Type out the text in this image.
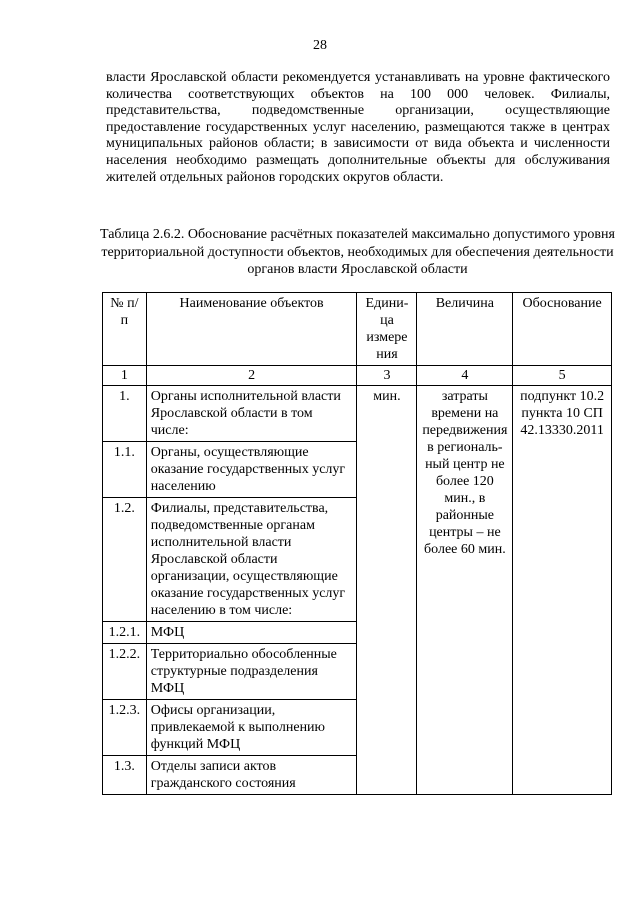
28
власти Ярославской области рекомендуется устанавливать на уровне фактического количества соответствующих объектов на 100 000 человек. Филиалы, представительства, подведомственные организации, осуществляющие предоставление государственных услуг населению, размещаются также в центрах муниципальных районов области; в зависимости от вида объекта и численности населения необходимо размещать дополнительные объекты для обслуживания жителей отдельных районов городских округов области.
Таблица 2.6.2. Обоснование расчётных показателей максимально допустимого уровня территориальной доступности объектов, необходимых для обеспечения деятельности органов власти Ярославской области
№ п/п	Наименование объектов	Едини-ца измере ния	Величина	Обоснование
1	2	3	4	5
1.	Органы исполнительной власти Ярославской области в том числе:	мин.	затраты времени на передвижения в региональ-ный центр не более 120 мин., в районные центры – не более 60 мин.	подпункт 10.2 пункта 10 СП 42.13330.2011
1.1.	Органы, осуществляющие оказание государственных услуг населению			
1.2.	Филиалы, представительства, подведомственные органам исполнительной власти Ярославской области организации, осуществляющие оказание государственных услуг населению в том числе:			
1.2.1.	МФЦ			
1.2.2.	Территориально обособленные структурные подразделения МФЦ			
1.2.3.	Офисы организации, привлекаемой к выполнению функций МФЦ			
1.3.	Отделы записи актов гражданского состояния			
